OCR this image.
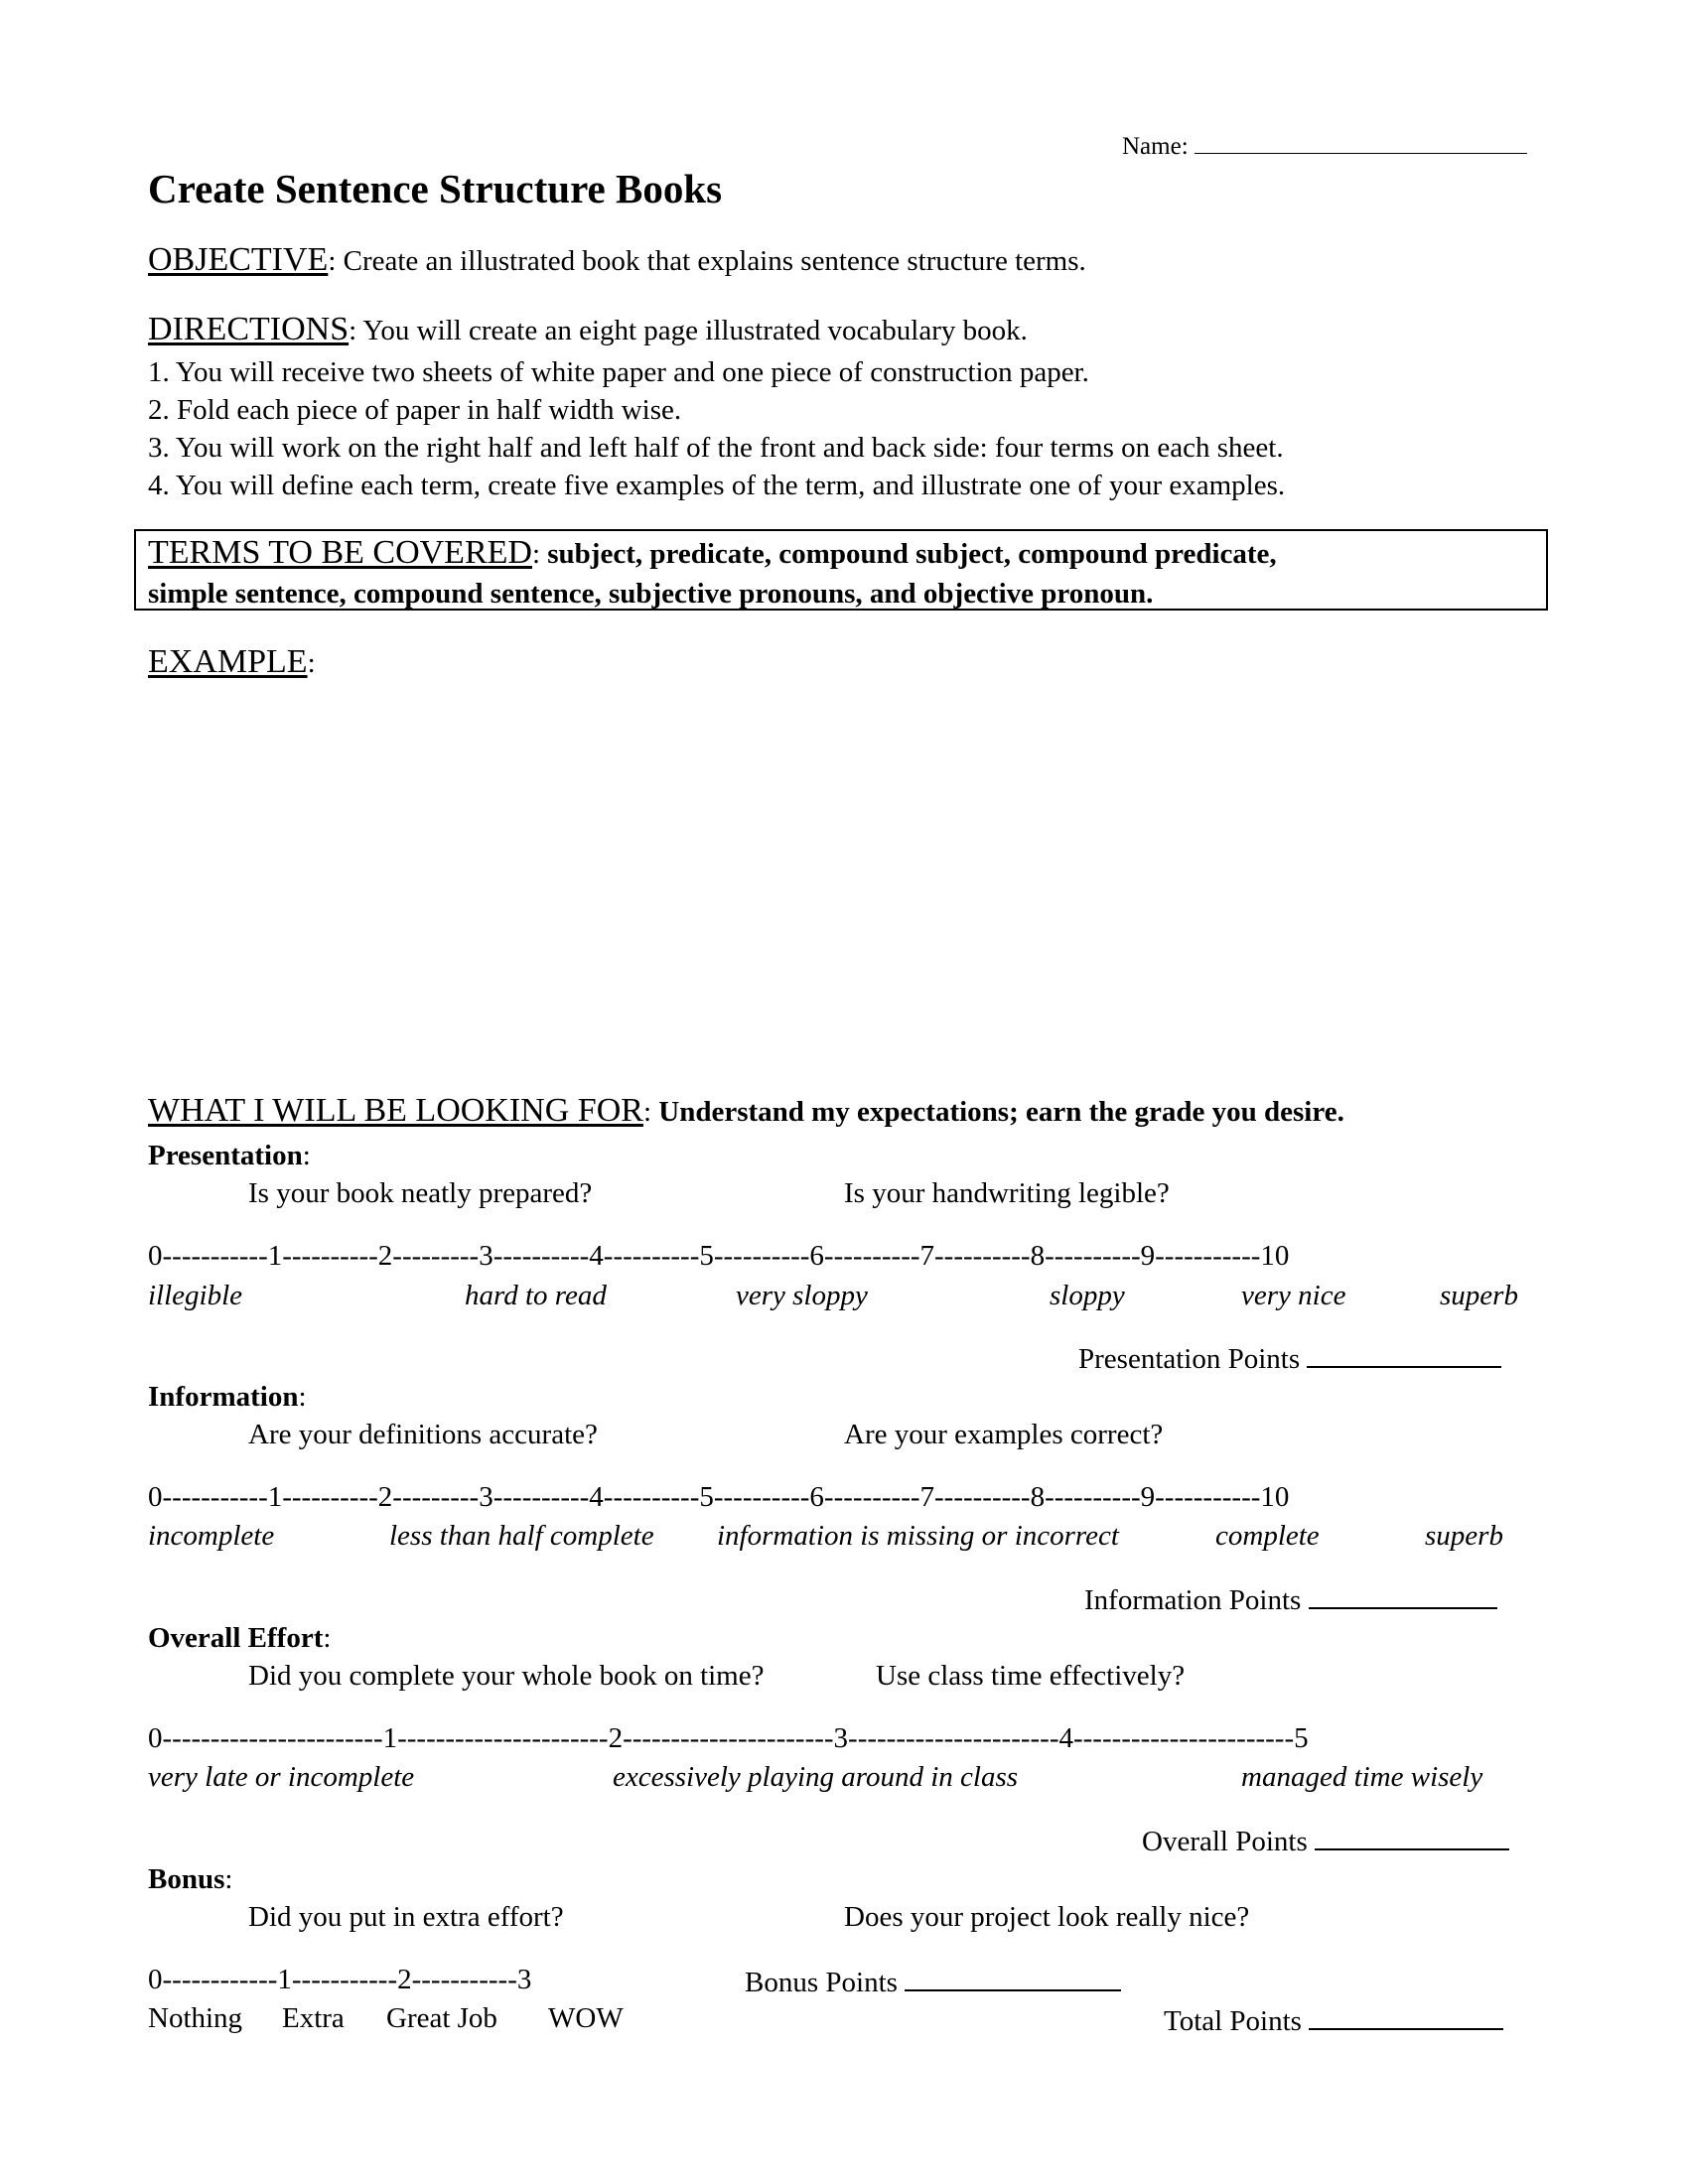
Name:
Create Sentence Structure Books
OBJECTIVE: Create an illustrated book that explains sentence structure terms.
DIRECTIONS: You will create an eight page illustrated vocabulary book.
1. You will receive two sheets of white paper and one piece of construction paper.
2. Fold each piece of paper in half width wise.
3. You will work on the right half and left half of the front and back side: four terms on each sheet.
4. You will define each term, create five examples of the term, and illustrate one of your examples.
TERMS TO BE COVERED: subject, predicate, compound subject, compound predicate,
simple sentence, compound sentence, subjective pronouns, and objective pronoun.
EXAMPLE:
WHAT I WILL BE LOOKING FOR: Understand my expectations; earn the grade you desire.
Presentation:
Is your book neatly prepared?	Is your handwriting legible?
0-----------1----------2---------3----------4----------5----------6----------7----------8----------9-----------10
illegible	hard to read	very sloppy	sloppy	very nice	superb
Presentation Points
Information:
Are your definitions accurate?	Are your examples correct?
0-----------1----------2---------3----------4----------5----------6----------7----------8----------9-----------10
incomplete	less than half complete information is missing or incorrect	complete	superb
Information Points
Overall Effort:
Did you complete your whole book on time?	Use class time effectively?
0-----------------------1----------------------2----------------------3----------------------4-----------------------5
very late or incomplete	excessively playing around in class	managed time wisely
Overall Points
Bonus:
Did you put in extra effort?	Does your project look really nice?
0------------1-----------2-----------3	Bonus Points
Nothing Extra Great Job WOW	Total Points
